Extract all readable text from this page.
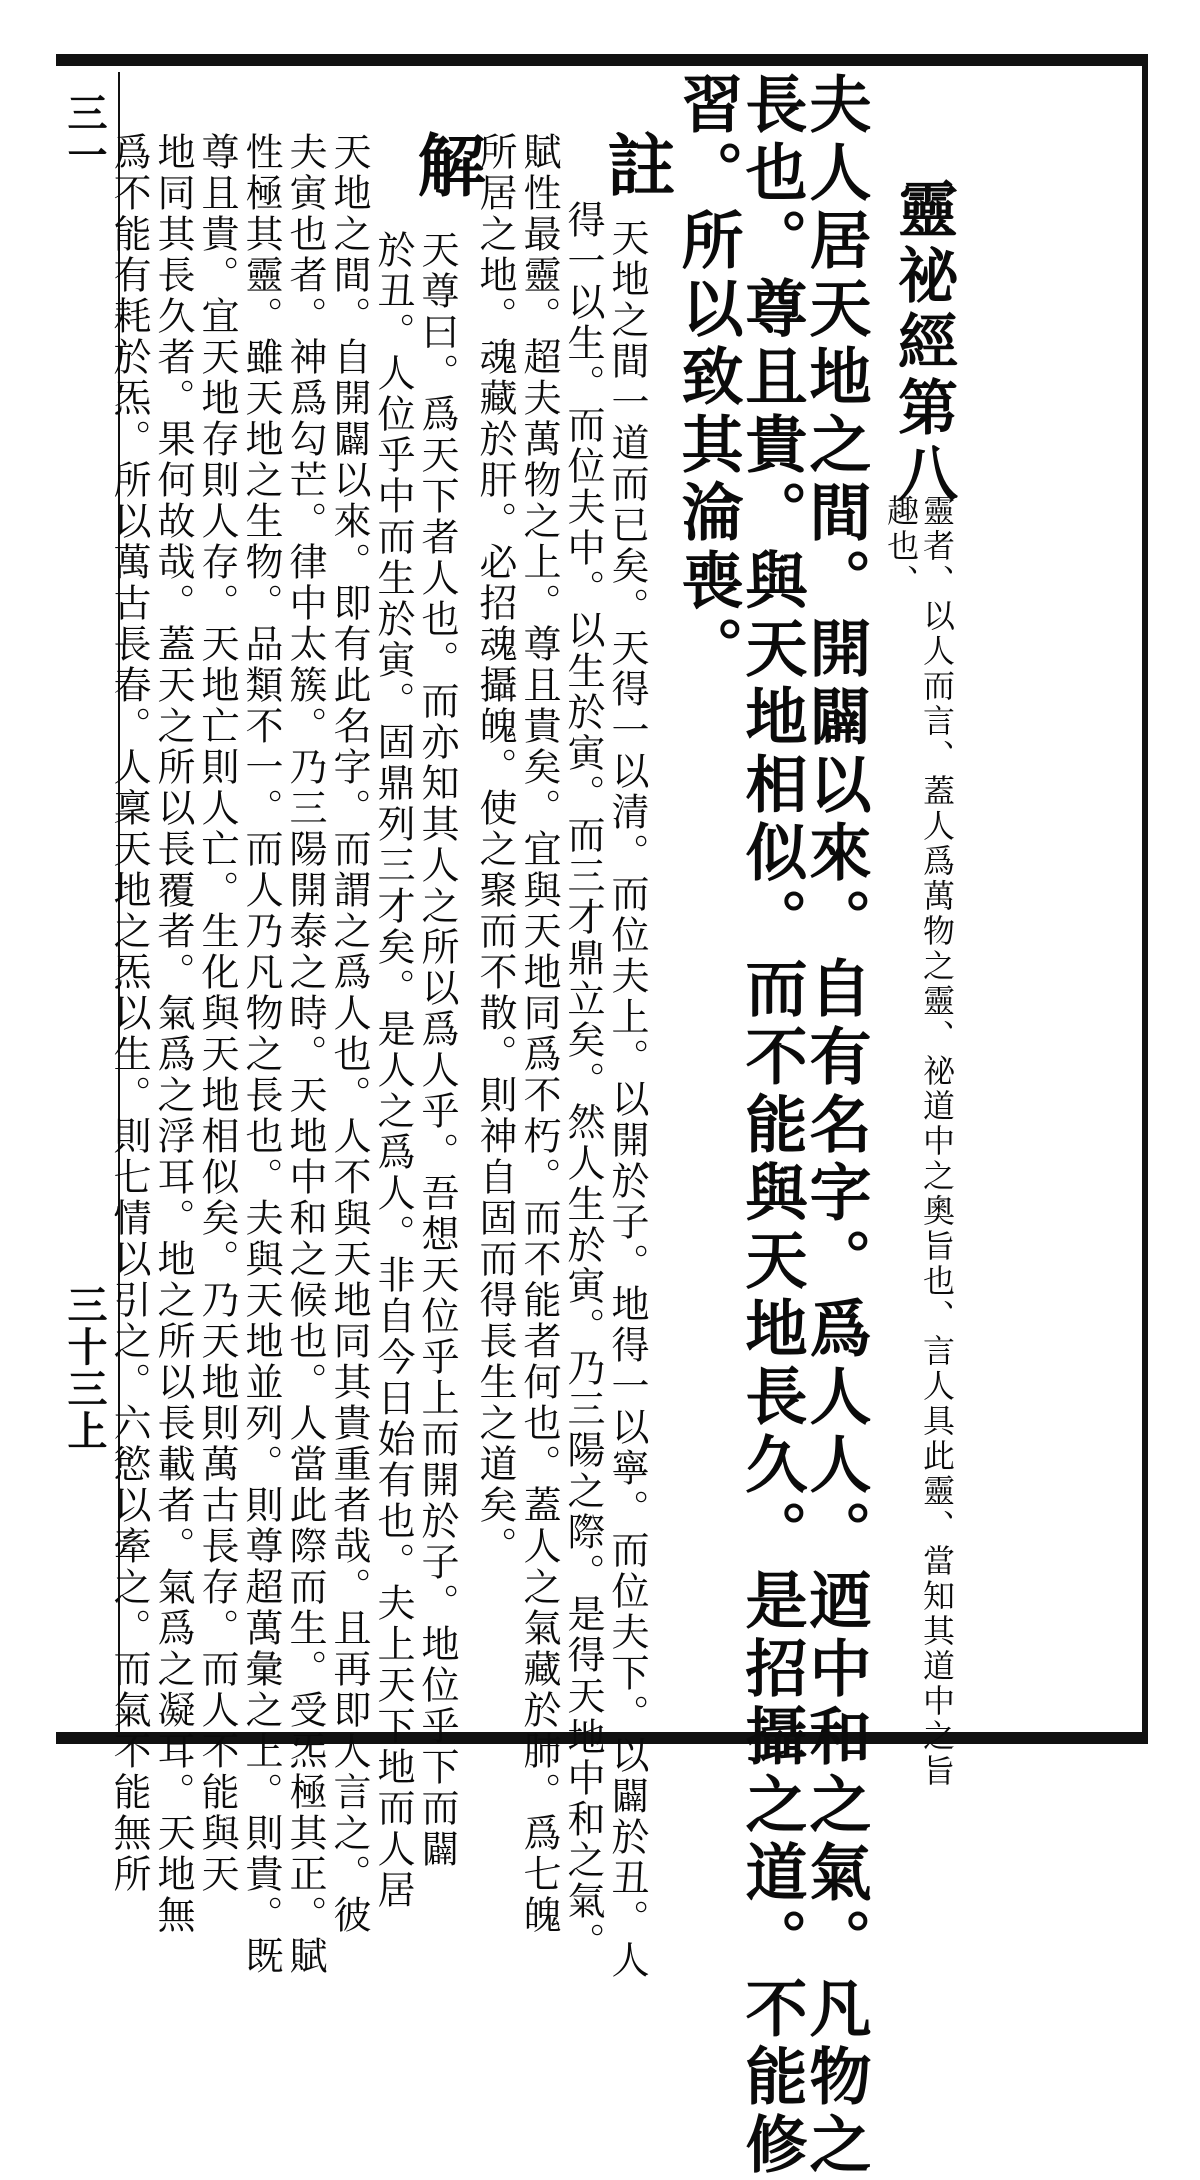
三一
三十三上
靈祕經第八
靈者、以人而言、蓋人爲萬物之靈、祕道中之奧旨也、言人具此靈、當知其道中之旨趣也、
夫人居天地之間。開闢以來。自有名字。爲人人。迺中和之氣。凡物之
長也。尊且貴。與天地相似。而不能與天地長久。是招攝之道。不能修
習。所以致其淪喪。
註
天地之間一道而已矣。天得一以清。而位夫上。以開於子。地得一以寧。而位夫下。以闢於丑。人
得一以生。而位夫中。以生於寅。而三才鼎立矣。然人生於寅。乃三陽之際。是得天地中和之氣。
賦性最靈。超夫萬物之上。尊且貴矣。宜與天地同爲不朽。而不能者何也。蓋人之氣藏於肺。爲七魄
所居之地。魂藏於肝。必招魂攝魄。使之聚而不散。則神自固而得長生之道矣。
解
天尊曰。爲天下者人也。而亦知其人之所以爲人乎。吾想天位乎上而開於子。地位乎下而闢
於丑。人位乎中而生於寅。固鼎列三才矣。是人之爲人。非自今日始有也。夫上天下地而人居
天地之間。自開闢以來。即有此名字。而謂之爲人也。人不與天地同其貴重者哉。且再即人言之。彼
夫寅也者。神爲勾芒。律中太簇。乃三陽開泰之時。天地中和之候也。人當此際而生。受炁極其正。賦
性極其靈。雖天地之生物。品類不一。而人乃凡物之長也。夫與天地並列。則尊超萬彙之上。則貴。既
尊且貴。宜天地存則人存。天地亡則人亡。生化與天地相似矣。乃天地則萬古長存。而人不能與天
地同其長久者。果何故哉。蓋天之所以長覆者。氣爲之浮耳。地之所以長載者。氣爲之凝耳。天地無
爲不能有耗於炁。所以萬古長春。人稟天地之炁以生。則七情以引之。六慾以牽之。而氣不能無所
